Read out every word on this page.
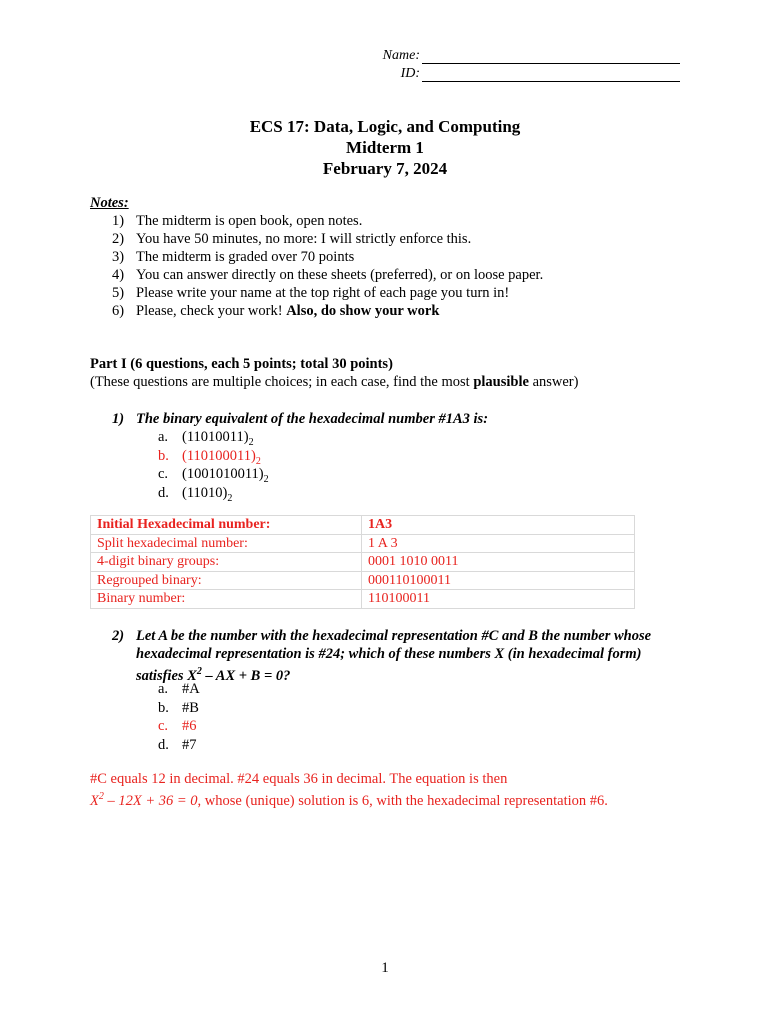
Name:
ID:
ECS 17: Data, Logic, and Computing
Midterm 1
February 7, 2024
Notes:
1) The midterm is open book, open notes.
2) You have 50 minutes, no more: I will strictly enforce this.
3) The midterm is graded over 70 points
4) You can answer directly on these sheets (preferred), or on loose paper.
5) Please write your name at the top right of each page you turn in!
6) Please, check your work! Also, do show your work
Part I (6 questions, each 5 points; total 30 points)
(These questions are multiple choices; in each case, find the most plausible answer)
1) The binary equivalent of the hexadecimal number #1A3 is:
a. $(11010011)_2$
b. $(110100011)_2$
c. $(1001010011)_2$
d. $(11010)_2$
Initial Hexadecimal number:	1A3
Split hexadecimal number:	1 A 3
4-digit binary groups:	0001 1010 0011
Regrouped binary:	000110100011
Binary number:	110100011
2) Let A be the number with the hexadecimal representation #C and B the number whose
hexadecimal representation is #24; which of these numbers X (in hexadecimal form)
satisfies $X^2$ – AX + B = 0?
a. #A
b. #B
c. #6
d. #7
#C equals 12 in decimal. #24 equals 36 in decimal. The equation is then
$X^2 - 12X + 36 = 0$, whose (unique) solution is 6, with the hexadecimal representation #6.
1
